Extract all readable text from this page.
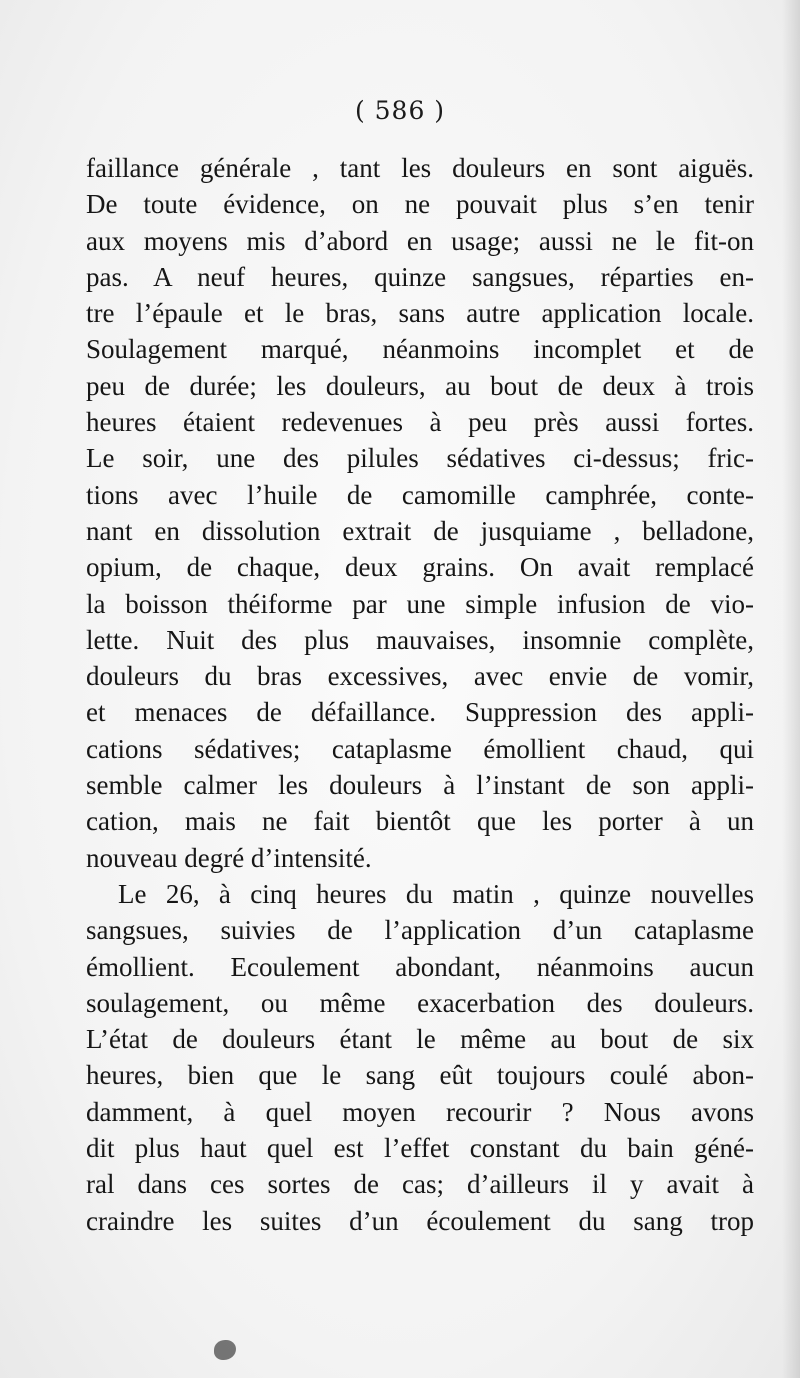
( 586 )
faillance générale , tant les douleurs en sont aiguës.
De toute évidence, on ne pouvait plus s’en tenir
aux moyens mis d’abord en usage; aussi ne le fit-on
pas. A neuf heures, quinze sangsues, réparties en-
tre l’épaule et le bras, sans autre application locale.
Soulagement marqué, néanmoins incomplet et de
peu de durée; les douleurs, au bout de deux à trois
heures étaient redevenues à peu près aussi fortes.
Le soir, une des pilules sédatives ci-dessus; fric-
tions avec l’huile de camomille camphrée, conte-
nant en dissolution extrait de jusquiame , belladone,
opium, de chaque, deux grains. On avait remplacé
la boisson théiforme par une simple infusion de vio-
lette. Nuit des plus mauvaises, insomnie complète,
douleurs du bras excessives, avec envie de vomir,
et menaces de défaillance. Suppression des appli-
cations sédatives; cataplasme émollient chaud, qui
semble calmer les douleurs à l’instant de son appli-
cation, mais ne fait bientôt que les porter à un
nouveau degré d’intensité.
Le 26, à cinq heures du matin , quinze nouvelles
sangsues, suivies de l’application d’un cataplasme
émollient. Ecoulement abondant, néanmoins aucun
soulagement, ou même exacerbation des douleurs.
L’état de douleurs étant le même au bout de six
heures, bien que le sang eût toujours coulé abon-
damment, à quel moyen recourir ? Nous avons
dit plus haut quel est l’effet constant du bain géné-
ral dans ces sortes de cas; d’ailleurs il y avait à
craindre les suites d’un écoulement du sang trop
